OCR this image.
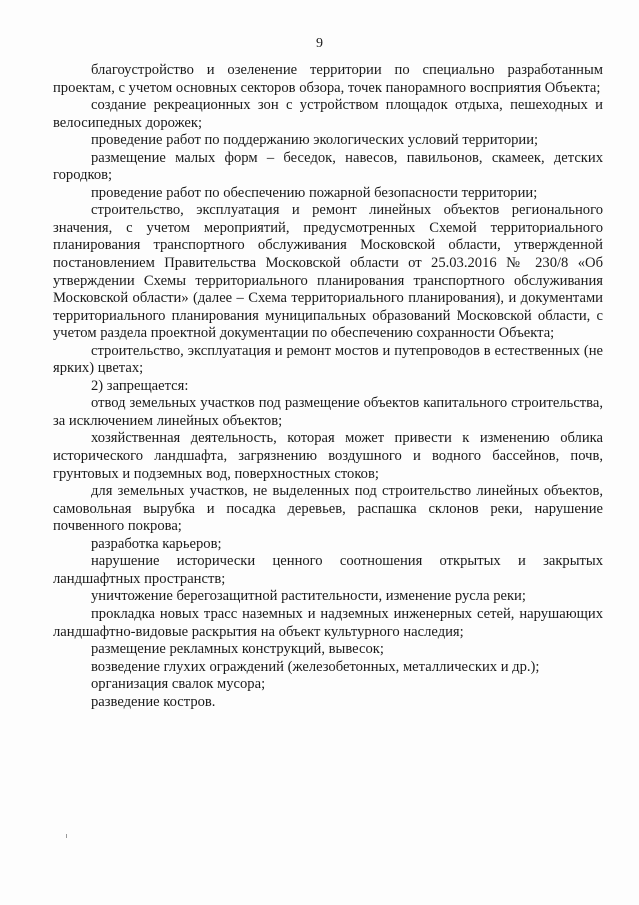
9

благоустройство и озеленение территории по специально разработанным проектам, с учетом основных секторов обзора, точек панорамного восприятия Объекта;

создание рекреационных зон с устройством площадок отдыха, пешеходных и велосипедных дорожек;

проведение работ по поддержанию экологических условий территории;

размещение малых форм – беседок, навесов, павильонов, скамеек, детских городков;

проведение работ по обеспечению пожарной безопасности территории;

строительство, эксплуатация и ремонт линейных объектов регионального значения, с учетом мероприятий, предусмотренных Схемой территориального планирования транспортного обслуживания Московской области, утвержденной постановлением Правительства Московской области от 25.03.2016 № 230/8 «Об утверждении Схемы территориального планирования транспортного обслуживания Московской области» (далее – Схема территориального планирования), и документами территориального планирования муниципальных образований Московской области, с учетом раздела проектной документации по обеспечению сохранности Объекта;

строительство, эксплуатация и ремонт мостов и путепроводов в естественных (не ярких) цветах;

2) запрещается:

отвод земельных участков под размещение объектов капитального строительства, за исключением линейных объектов;

хозяйственная деятельность, которая может привести к изменению облика исторического ландшафта, загрязнению воздушного и водного бассейнов, почв, грунтовых и подземных вод, поверхностных стоков;

для земельных участков, не выделенных под строительство линейных объектов, самовольная вырубка и посадка деревьев, распашка склонов реки, нарушение почвенного покрова;

разработка карьеров;

нарушение исторически ценного соотношения открытых и закрытых ландшафтных пространств;

уничтожение берегозащитной растительности, изменение русла реки;

прокладка новых трасс наземных и надземных инженерных сетей, нарушающих ландшафтно-видовые раскрытия на объект культурного наследия;

размещение рекламных конструкций, вывесок;

возведение глухих ограждений (железобетонных, металлических и др.);

организация свалок мусора;

разведение костров.
